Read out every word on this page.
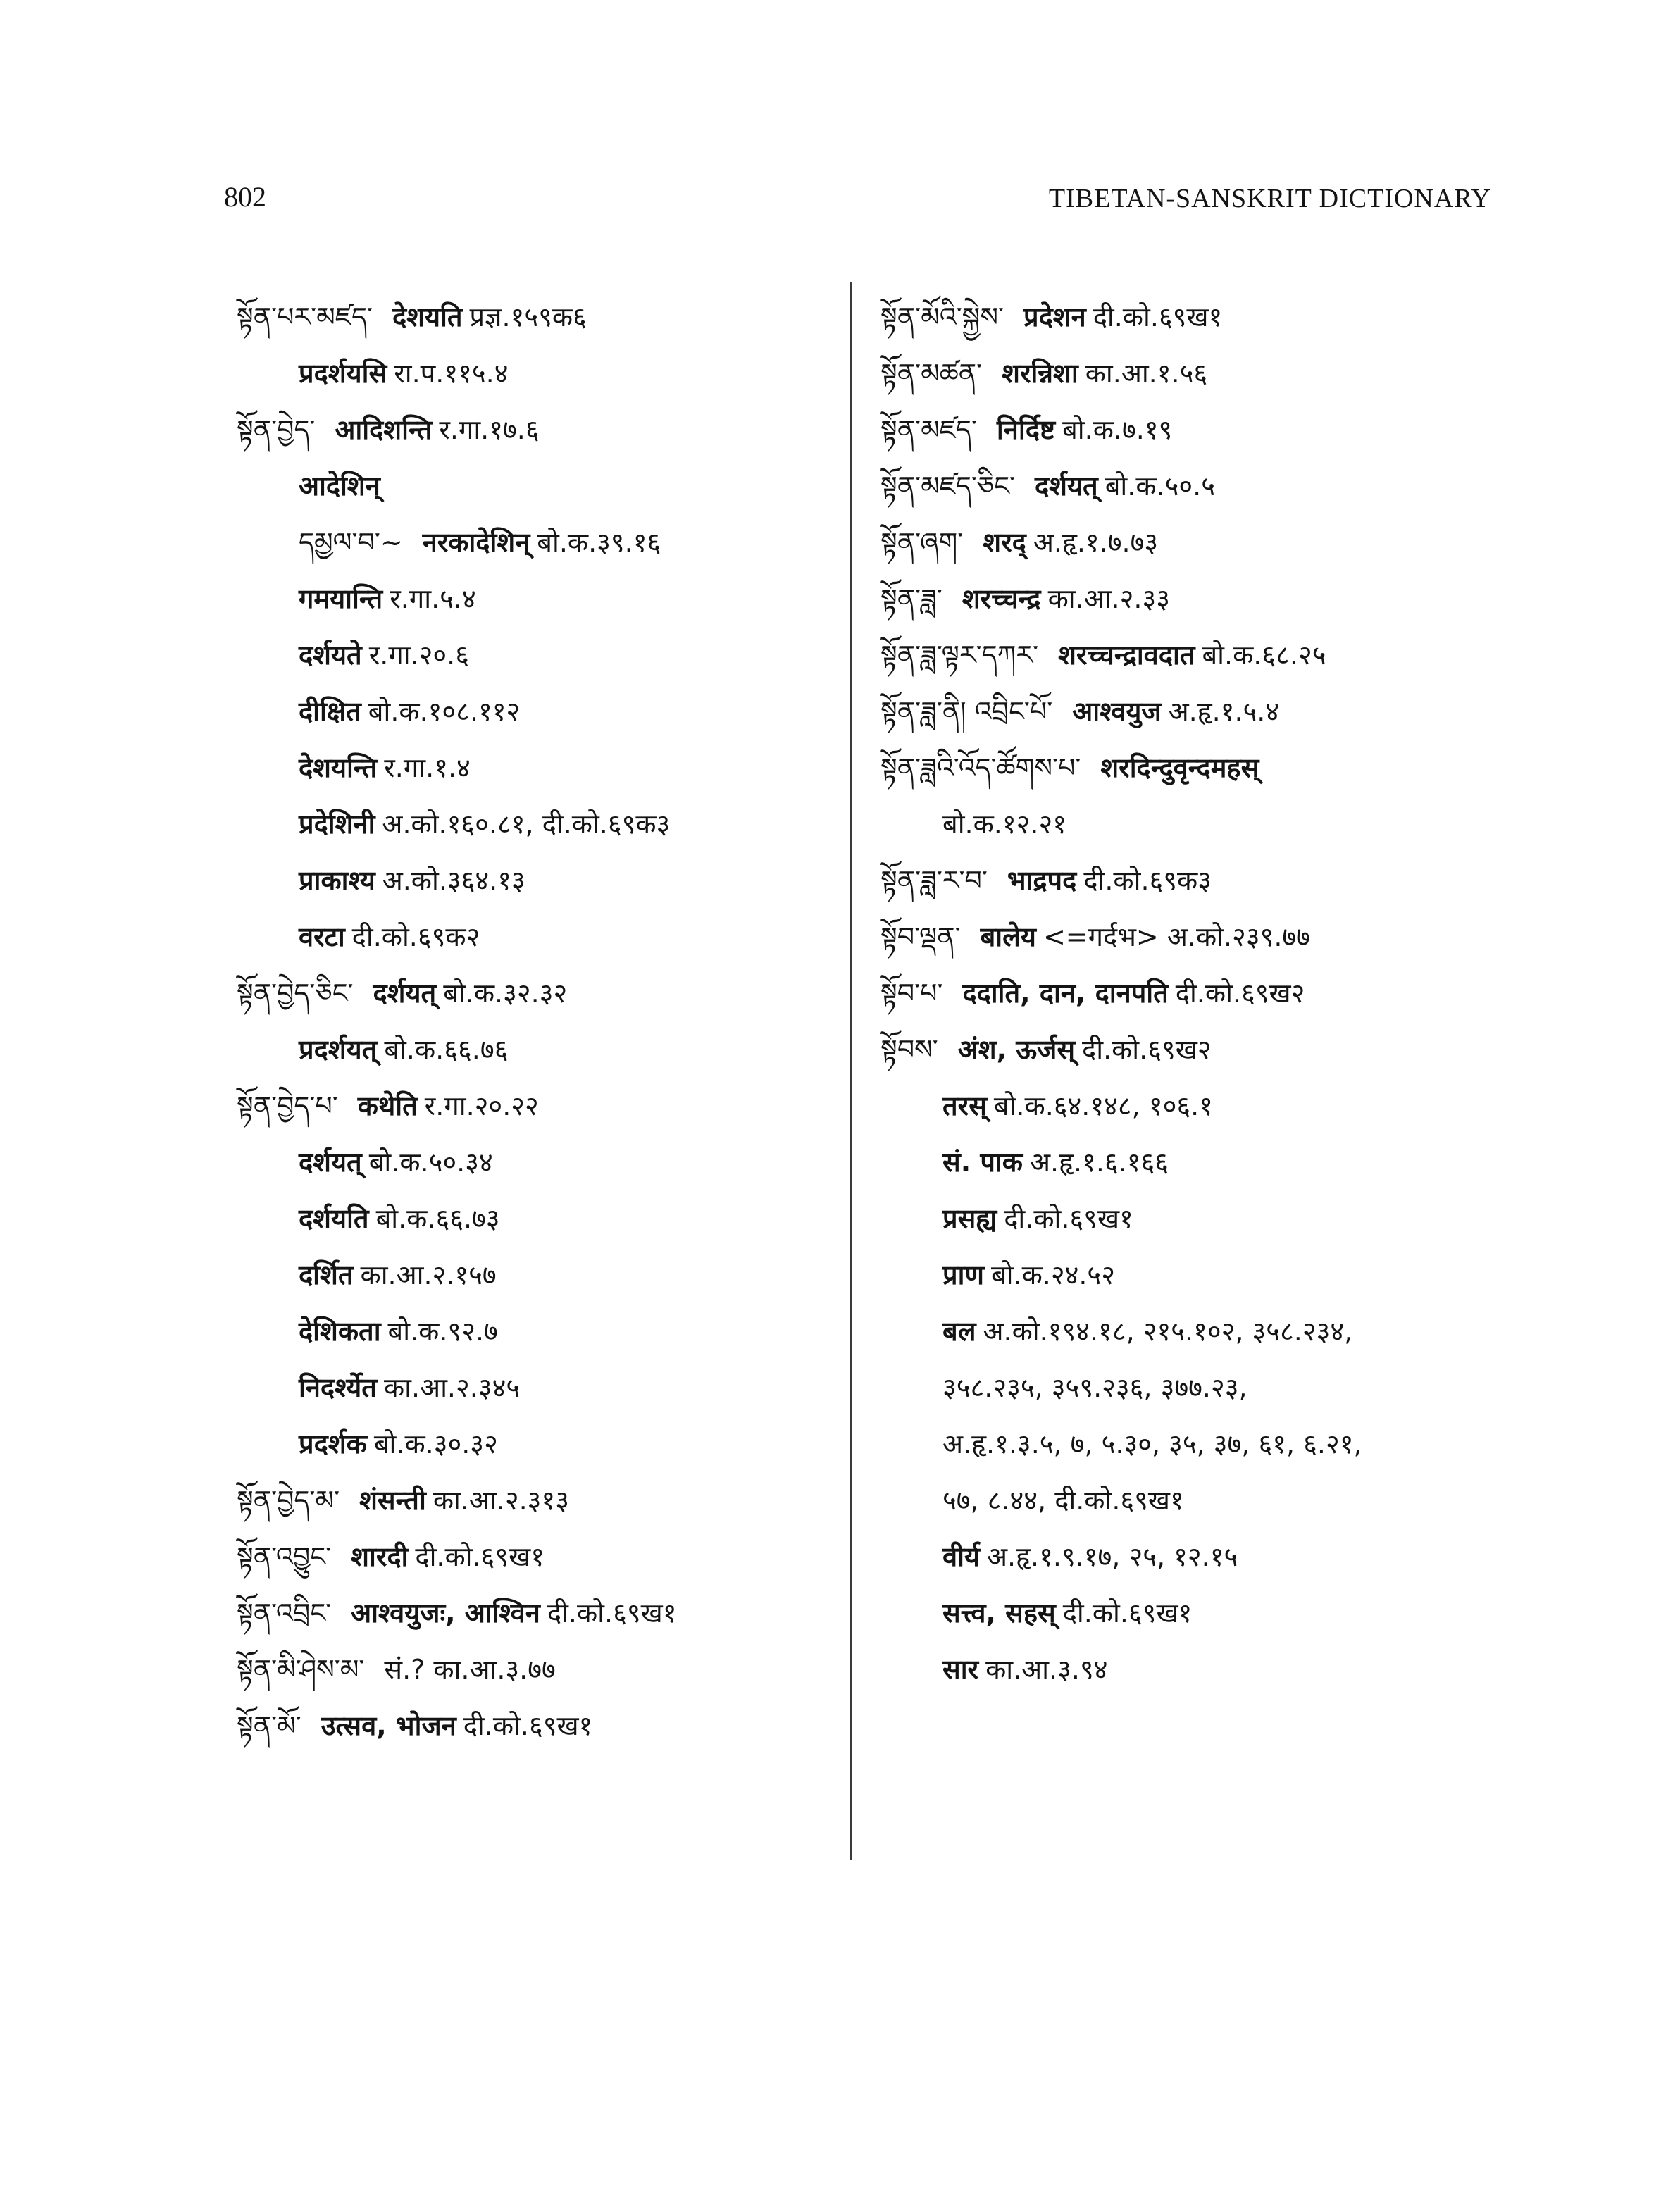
802	TIBETAN-SANSKRIT DICTIONARY
སྟོན་པར་མཛད་ देशयति प्रज्ञ.१५९क६
प्रदर्शयसि रा.प.११५.४
སྟོན་བྱེད་ आदिशन्ति र.गा.१७.६
आदेशिन्
དམྱལ་བ་~ नरकादेशिन् बो.क.३९.१६
गमयान्ति र.गा.५.४
दर्शयते र.गा.२०.६
दीक्षित बो.क.१०८.११२
देशयन्ति र.गा.१.४
प्रदेशिनी अ.को.१६०.८१, दी.को.६९क३
प्राकाश्य अ.को.३६४.१३
वरटा दी.को.६९क२
སྟོན་བྱེད་ཅིང་ दर्शयत् बो.क.३२.३२
प्रदर्शयत् बो.क.६६.७६
སྟོན་བྱེད་པ་ कथेति र.गा.२०.२२
दर्शयत् बो.क.५०.३४
दर्शयति बो.क.६६.७३
दर्शित का.आ.२.१५७
देशिकता बो.क.९२.७
निदर्श्येत का.आ.२.३४५
प्रदर्शक बो.क.३०.३२
སྟོན་བྱེད་མ་ शंसन्ती का.आ.२.३१३
སྟོན་འབྱུང་ शारदी दी.को.६९ख१
སྟོན་འབྲིང་ आश्वयुजः, आश्विन दी.को.६९ख१
སྟོན་མི་ཤེས་མ་ सं.? का.आ.३.७७
སྟོན་མོ་ उत्सव, भोजन दी.को.६९ख१
སྟོན་མོའི་སྐྱེས་ प्रदेशन दी.को.६९ख१
སྟོན་མཚན་ शरन्निशा का.आ.१.५६
སྟོན་མཛད་ निर्दिष्ट बो.क.७.१९
སྟོན་མཛད་ཅིང་ दर्शयत् बो.क.५०.५
སྟོན་ཞག་ शरद् अ.हृ.१.७.७३
སྟོན་ཟླ་ शरच्चन्द्र का.आ.२.३३
སྟོན་ཟླ་ལྟར་དཀར་ शरच्चन्द्रावदात बो.क.६८.२५
སྟོན་ཟླ་ནི། འབྲིང་པོ་ आश्वयुज अ.हृ.१.५.४
སྟོན་ཟླའི་འོད་ཚོགས་པ་ शरदिन्दुवृन्दमहस्
बो.क.१२.२१
སྟོན་ཟླ་ར་བ་ भाद्रपद दी.को.६९क३
སྟོབ་ལྡན་ बालेय <=गर्दभ> अ.को.२३९.७७
སྟོབ་པ་ ददाति, दान, दानपति दी.को.६९ख२
སྟོབས་ अंश, ऊर्जस् दी.को.६९ख२
तरस् बो.क.६४.१४८, १०६.१
सं. पाक अ.हृ.१.६.१६६
प्रसह्य दी.को.६९ख१
प्राण बो.क.२४.५२
बल अ.को.१९४.१८, २१५.१०२, ३५८.२३४,
३५८.२३५, ३५९.२३६, ३७७.२३,
अ.हृ.१.३.५, ७, ५.३०, ३५, ३७, ६१, ६.२१,
५७, ८.४४, दी.को.६९ख१
वीर्य अ.हृ.१.९.१७, २५, १२.१५
सत्त्व, सहस् दी.को.६९ख१
सार का.आ.३.९४
